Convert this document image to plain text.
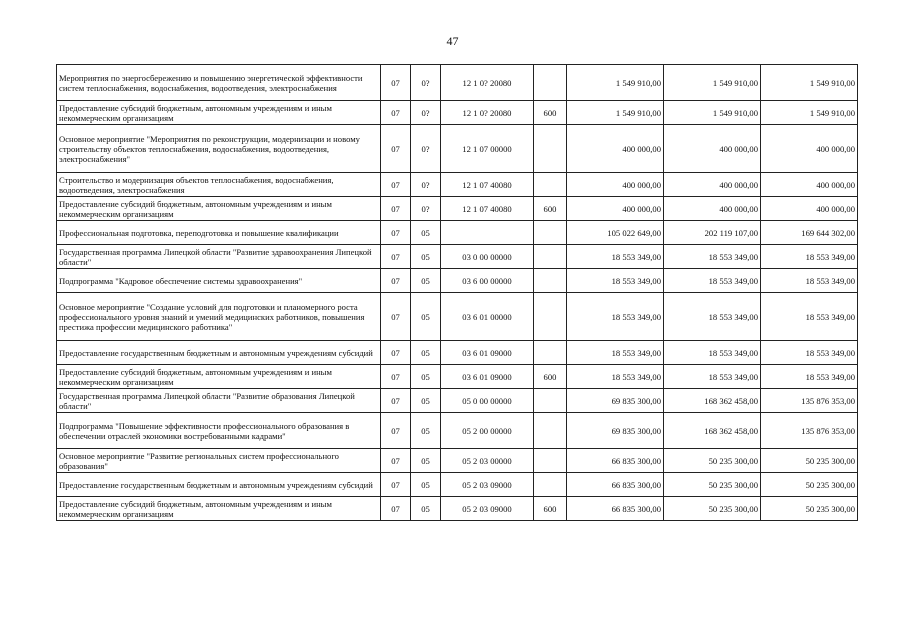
47
Мероприятия по энергосбережению и повышению энергетической эффективности систем теплоснабжения, водоснабжения, водоотведения, электроснабжения	07	0?	12 1 0? 20080		1 549 910,00	1 549 910,00	1 549 910,00
Предоставление субсидий бюджетным, автономным учреждениям и иным некоммерческим организациям	07	0?	12 1 0? 20080	600	1 549 910,00	1 549 910,00	1 549 910,00
Основное мероприятие "Мероприятия по реконструкции, модернизации и новому строительству объектов теплоснабжения, водоснабжения, водоотведения, электроснабжения"	07	0?	12 1 07 00000		400 000,00	400 000,00	400 000,00
Строительство и модернизация объектов теплоснабжения, водоснабжения, водоотведения, электроснабжения	07	0?	12 1 07 40080		400 000,00	400 000,00	400 000,00
Предоставление субсидий бюджетным, автономным учреждениям и иным некоммерческим организациям	07	0?	12 1 07 40080	600	400 000,00	400 000,00	400 000,00
Профессиональная подготовка, переподготовка и повышение квалификации	07	05			105 022 649,00	202 119 107,00	169 644 302,00
Государственная программа Липецкой области "Развитие здравоохранения Липецкой области"	07	05	03 0 00 00000		18 553 349,00	18 553 349,00	18 553 349,00
Подпрограмма "Кадровое обеспечение системы здравоохранения"	07	05	03 6 00 00000		18 553 349,00	18 553 349,00	18 553 349,00
Основное мероприятие "Создание условий для подготовки и планомерного роста профессионального уровня знаний и умений медицинских работников, повышения престижа профессии медицинского работника"	07	05	03 6 01 00000		18 553 349,00	18 553 349,00	18 553 349,00
Предоставление государственным бюджетным и автономным учреждениям субсидий	07	05	03 6 01 09000		18 553 349,00	18 553 349,00	18 553 349,00
Предоставление субсидий бюджетным, автономным учреждениям и иным некоммерческим организациям	07	05	03 6 01 09000	600	18 553 349,00	18 553 349,00	18 553 349,00
Государственная программа Липецкой области "Развитие образования Липецкой области"	07	05	05 0 00 00000		69 835 300,00	168 362 458,00	135 876 353,00
Подпрограмма "Повышение эффективности профессионального образования в обеспечении отраслей экономики востребованными кадрами"	07	05	05 2 00 00000		69 835 300,00	168 362 458,00	135 876 353,00
Основное мероприятие "Развитие региональных систем профессионального образования"	07	05	05 2 03 00000		66 835 300,00	50 235 300,00	50 235 300,00
Предоставление государственным бюджетным и автономным учреждениям субсидий	07	05	05 2 03 09000		66 835 300,00	50 235 300,00	50 235 300,00
Предоставление субсидий бюджетным, автономным учреждениям и иным некоммерческим организациям	07	05	05 2 03 09000	600	66 835 300,00	50 235 300,00	50 235 300,00
